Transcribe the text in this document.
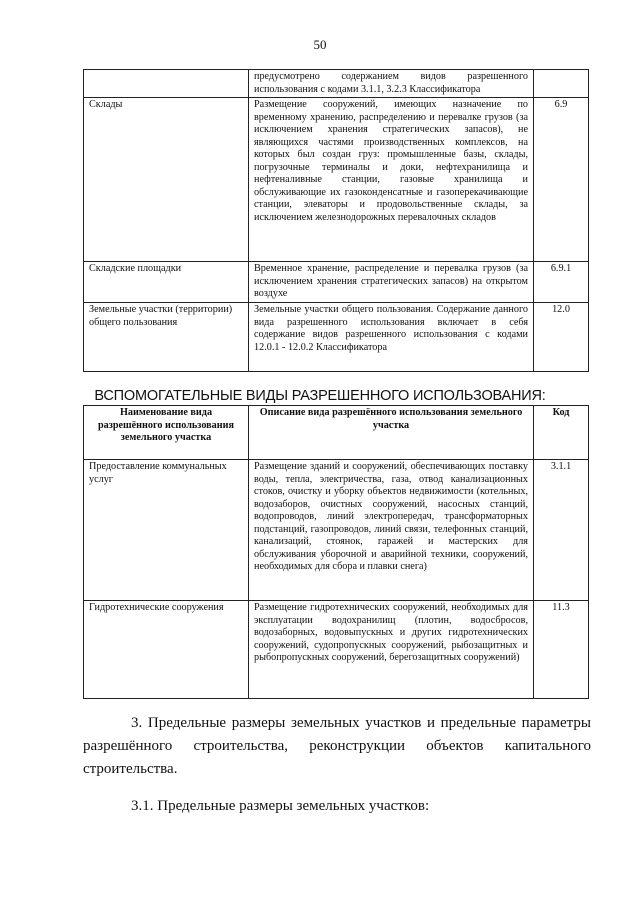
50
	предусмотрено содержанием видов разрешенного использования с кодами 3.1.1, 3.2.3 Классификатора	
Склады	Размещение сооружений, имеющих назначение по временному хранению, распределению и перевалке грузов (за исключением хранения стратегических запасов), не являющихся частями производственных комплексов, на которых был создан груз: промышленные базы, склады, погрузочные терминалы и доки, нефтехранилища и нефтеналивные станции, газовые хранилища и обслуживающие их газоконденсатные и газоперекачивающие станции, элеваторы и продовольственные склады, за исключением железнодорожных перевалочных складов	6.9
Складские площадки	Временное хранение, распределение и перевалка грузов (за исключением хранения стратегических запасов) на открытом воздухе	6.9.1
Земельные участки (территории) общего пользования	Земельные участки общего пользования. Содержание данного вида разрешенного использования включает в себя содержание видов разрешенного использования с кодами 12.0.1 - 12.0.2 Классификатора	12.0
ВСПОМОГАТЕЛЬНЫЕ ВИДЫ РАЗРЕШЕННОГО ИСПОЛЬЗОВАНИЯ:
Наименование вида разрешённого использования земельного участка	Описание вида разрешённого использования земельного участка	Код
Предоставление коммунальных услуг	Размещение зданий и сооружений, обеспечивающих поставку воды, тепла, электричества, газа, отвод канализационных стоков, очистку и уборку объектов недвижимости (котельных, водозаборов, очистных сооружений, насосных станций, водопроводов, линий электропередач, трансформаторных подстанций, газопроводов, линий связи, телефонных станций, канализаций, стоянок, гаражей и мастерских для обслуживания уборочной и аварийной техники, сооружений, необходимых для сбора и плавки снега)	3.1.1
Гидротехнические сооружения	Размещение гидротехнических сооружений, необходимых для эксплуатации водохранилищ (плотин, водосбросов, водозаборных, водовыпускных и других гидротехнических сооружений, судопропускных сооружений, рыбозащитных и рыбопропускных сооружений, берегозащитных сооружений)	11.3
3. Предельные размеры земельных участков и предельные параметры разрешённого строительства, реконструкции объектов капитального строительства.
3.1. Предельные размеры земельных участков:
